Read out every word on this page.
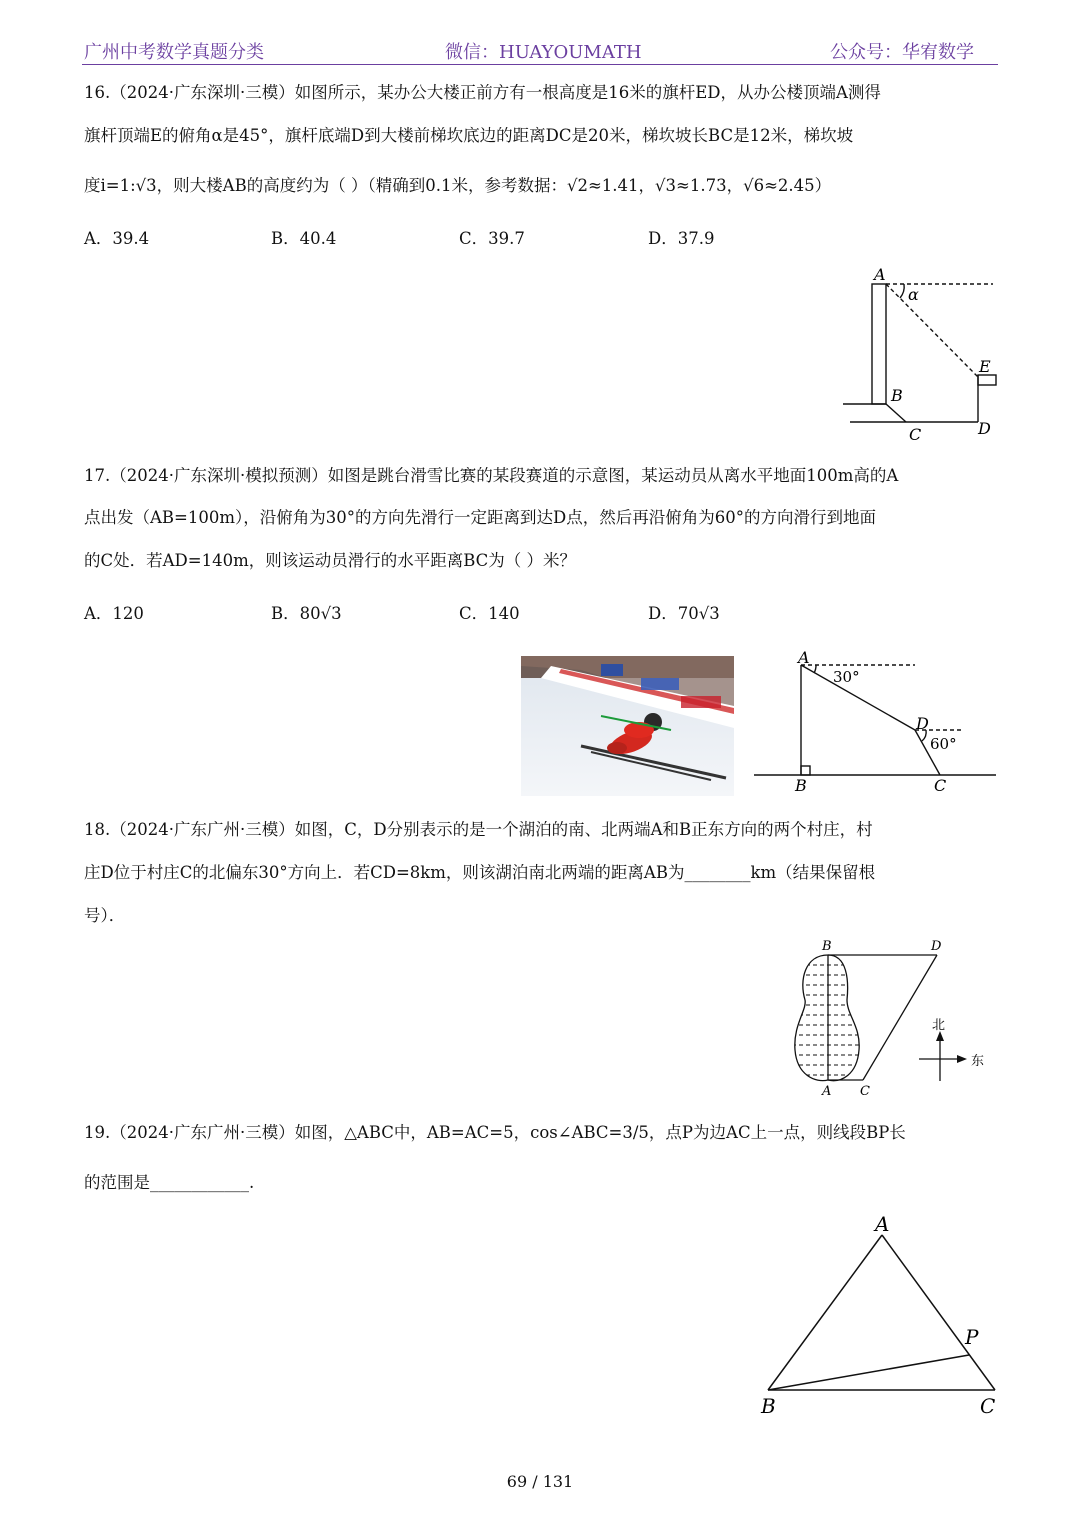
广州中考数学真题分类	微信：HUAYOUMATH	公众号：华宥数学
16.（2024·广东深圳·三模）如图所示，某办公大楼正前方有一根高度是16米的旗杆ED，从办公楼顶端A测得
旗杆顶端E的俯角α是45°，旗杆底端D到大楼前梯坎底边的距离DC是20米，梯坎坡长BC是12米，梯坎坡
度i=1:√3，则大楼AB的高度约为（ ）（精确到0.1米，参考数据：√2≈1.41，√3≈1.73，√6≈2.45）
A．39.4	B．40.4	C．39.7	D．37.9
A
α
E
B
C	D
17.（2024·广东深圳·模拟预测）如图是跳台滑雪比赛的某段赛道的示意图，某运动员从离水平地面100m高的A
点出发（AB=100m），沿俯角为30°的方向先滑行一定距离到达D点，然后再沿俯角为60°的方向滑行到地面
的C处．若AD=140m，则该运动员滑行的水平距离BC为（ ）米？
A．120	B．80√3	C．140	D．70√3
A
30°
D
60°
B	C
18.（2024·广东广州·三模）如图，C，D分别表示的是一个湖泊的南、北两端A和B正东方向的两个村庄，村
庄D位于村庄C的北偏东30°方向上．若CD=8km，则该湖泊南北两端的距离AB为________km（结果保留根
号）．
B	D
A C
北
东
19.（2024·广东广州·三模）如图，△ABC中，AB=AC=5，cos∠ABC=3/5，点P为边AC上一点，则线段BP长
的范围是____________.
A
P
B	C
69 / 131
